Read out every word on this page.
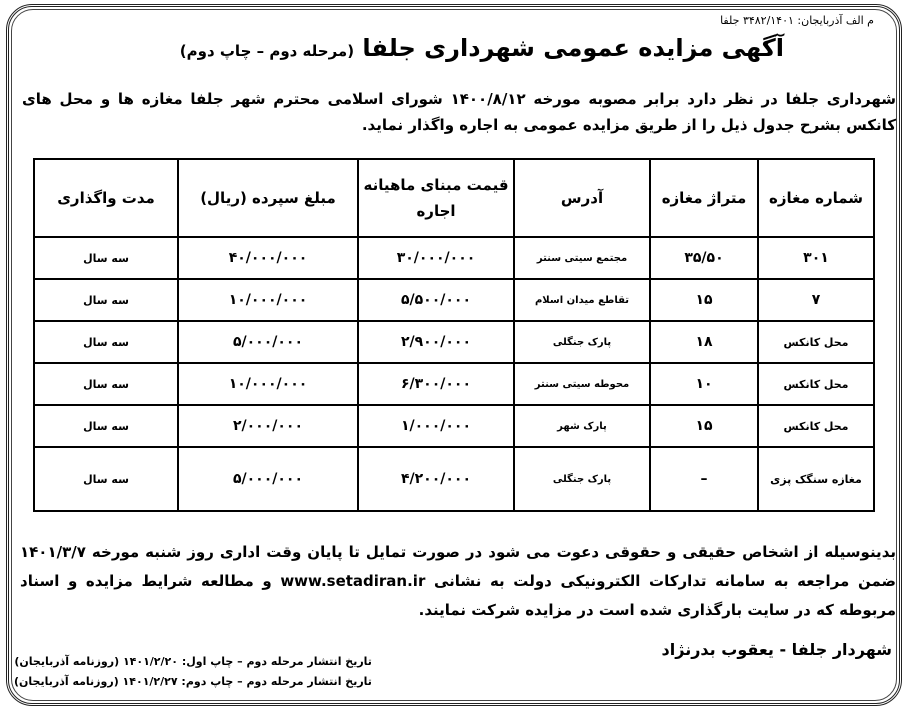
م الف آذربایجان: ۳۴۸۲/۱۴۰۱ جلفا
آگهی مزایده عمومی شهرداری جلفا (مرحله دوم – چاپ دوم)
شهرداری جلفا در نظر دارد برابر مصوبه مورخه ۱۴۰۰/۸/۱۲ شورای اسلامی محترم شهر جلفا مغازه ها و محل های کانکس بشرح جدول ذیل را از طریق مزایده عمومی به اجاره واگذار نماید.
شماره مغازه	متراژ مغازه	آدرس	قیمت مبنای ماهیانه اجاره	مبلغ سپرده (ریال)	مدت واگذاری
۳۰۱	۳۵/۵۰	مجتمع سیتی سنتر	۳۰/۰۰۰/۰۰۰	۴۰/۰۰۰/۰۰۰	سه سال
۷	۱۵	تقاطع میدان اسلام	۵/۵۰۰/۰۰۰	۱۰/۰۰۰/۰۰۰	سه سال
محل کانکس	۱۸	پارک جنگلی	۲/۹۰۰/۰۰۰	۵/۰۰۰/۰۰۰	سه سال
محل کانکس	۱۰	محوطه سیتی سنتر	۶/۳۰۰/۰۰۰	۱۰/۰۰۰/۰۰۰	سه سال
محل کانکس	۱۵	پارک شهر	۱/۰۰۰/۰۰۰	۲/۰۰۰/۰۰۰	سه سال
مغازه سنگک پزی	–	پارک جنگلی	۴/۲۰۰/۰۰۰	۵/۰۰۰/۰۰۰	سه سال
بدینوسیله از اشخاص حقیقی و حقوقی دعوت می شود در صورت تمایل تا پایان وقت اداری روز شنبه مورخه ۱۴۰۱/۳/۷ ضمن مراجعه به سامانه تدارکات الکترونیکی دولت به نشانی www.setadiran.ir و مطالعه شرایط مزایده و اسناد مربوطه که در سایت بارگذاری شده است در مزایده شرکت نمایند.
شهردار جلفا - یعقوب بدرنژاد
تاریخ انتشار مرحله دوم – چاپ اول: ۱۴۰۱/۲/۲۰ (روزنامه آذربایجان)
تاریخ انتشار مرحله دوم – چاپ دوم: ۱۴۰۱/۲/۲۷ (روزنامه آذربایجان)
